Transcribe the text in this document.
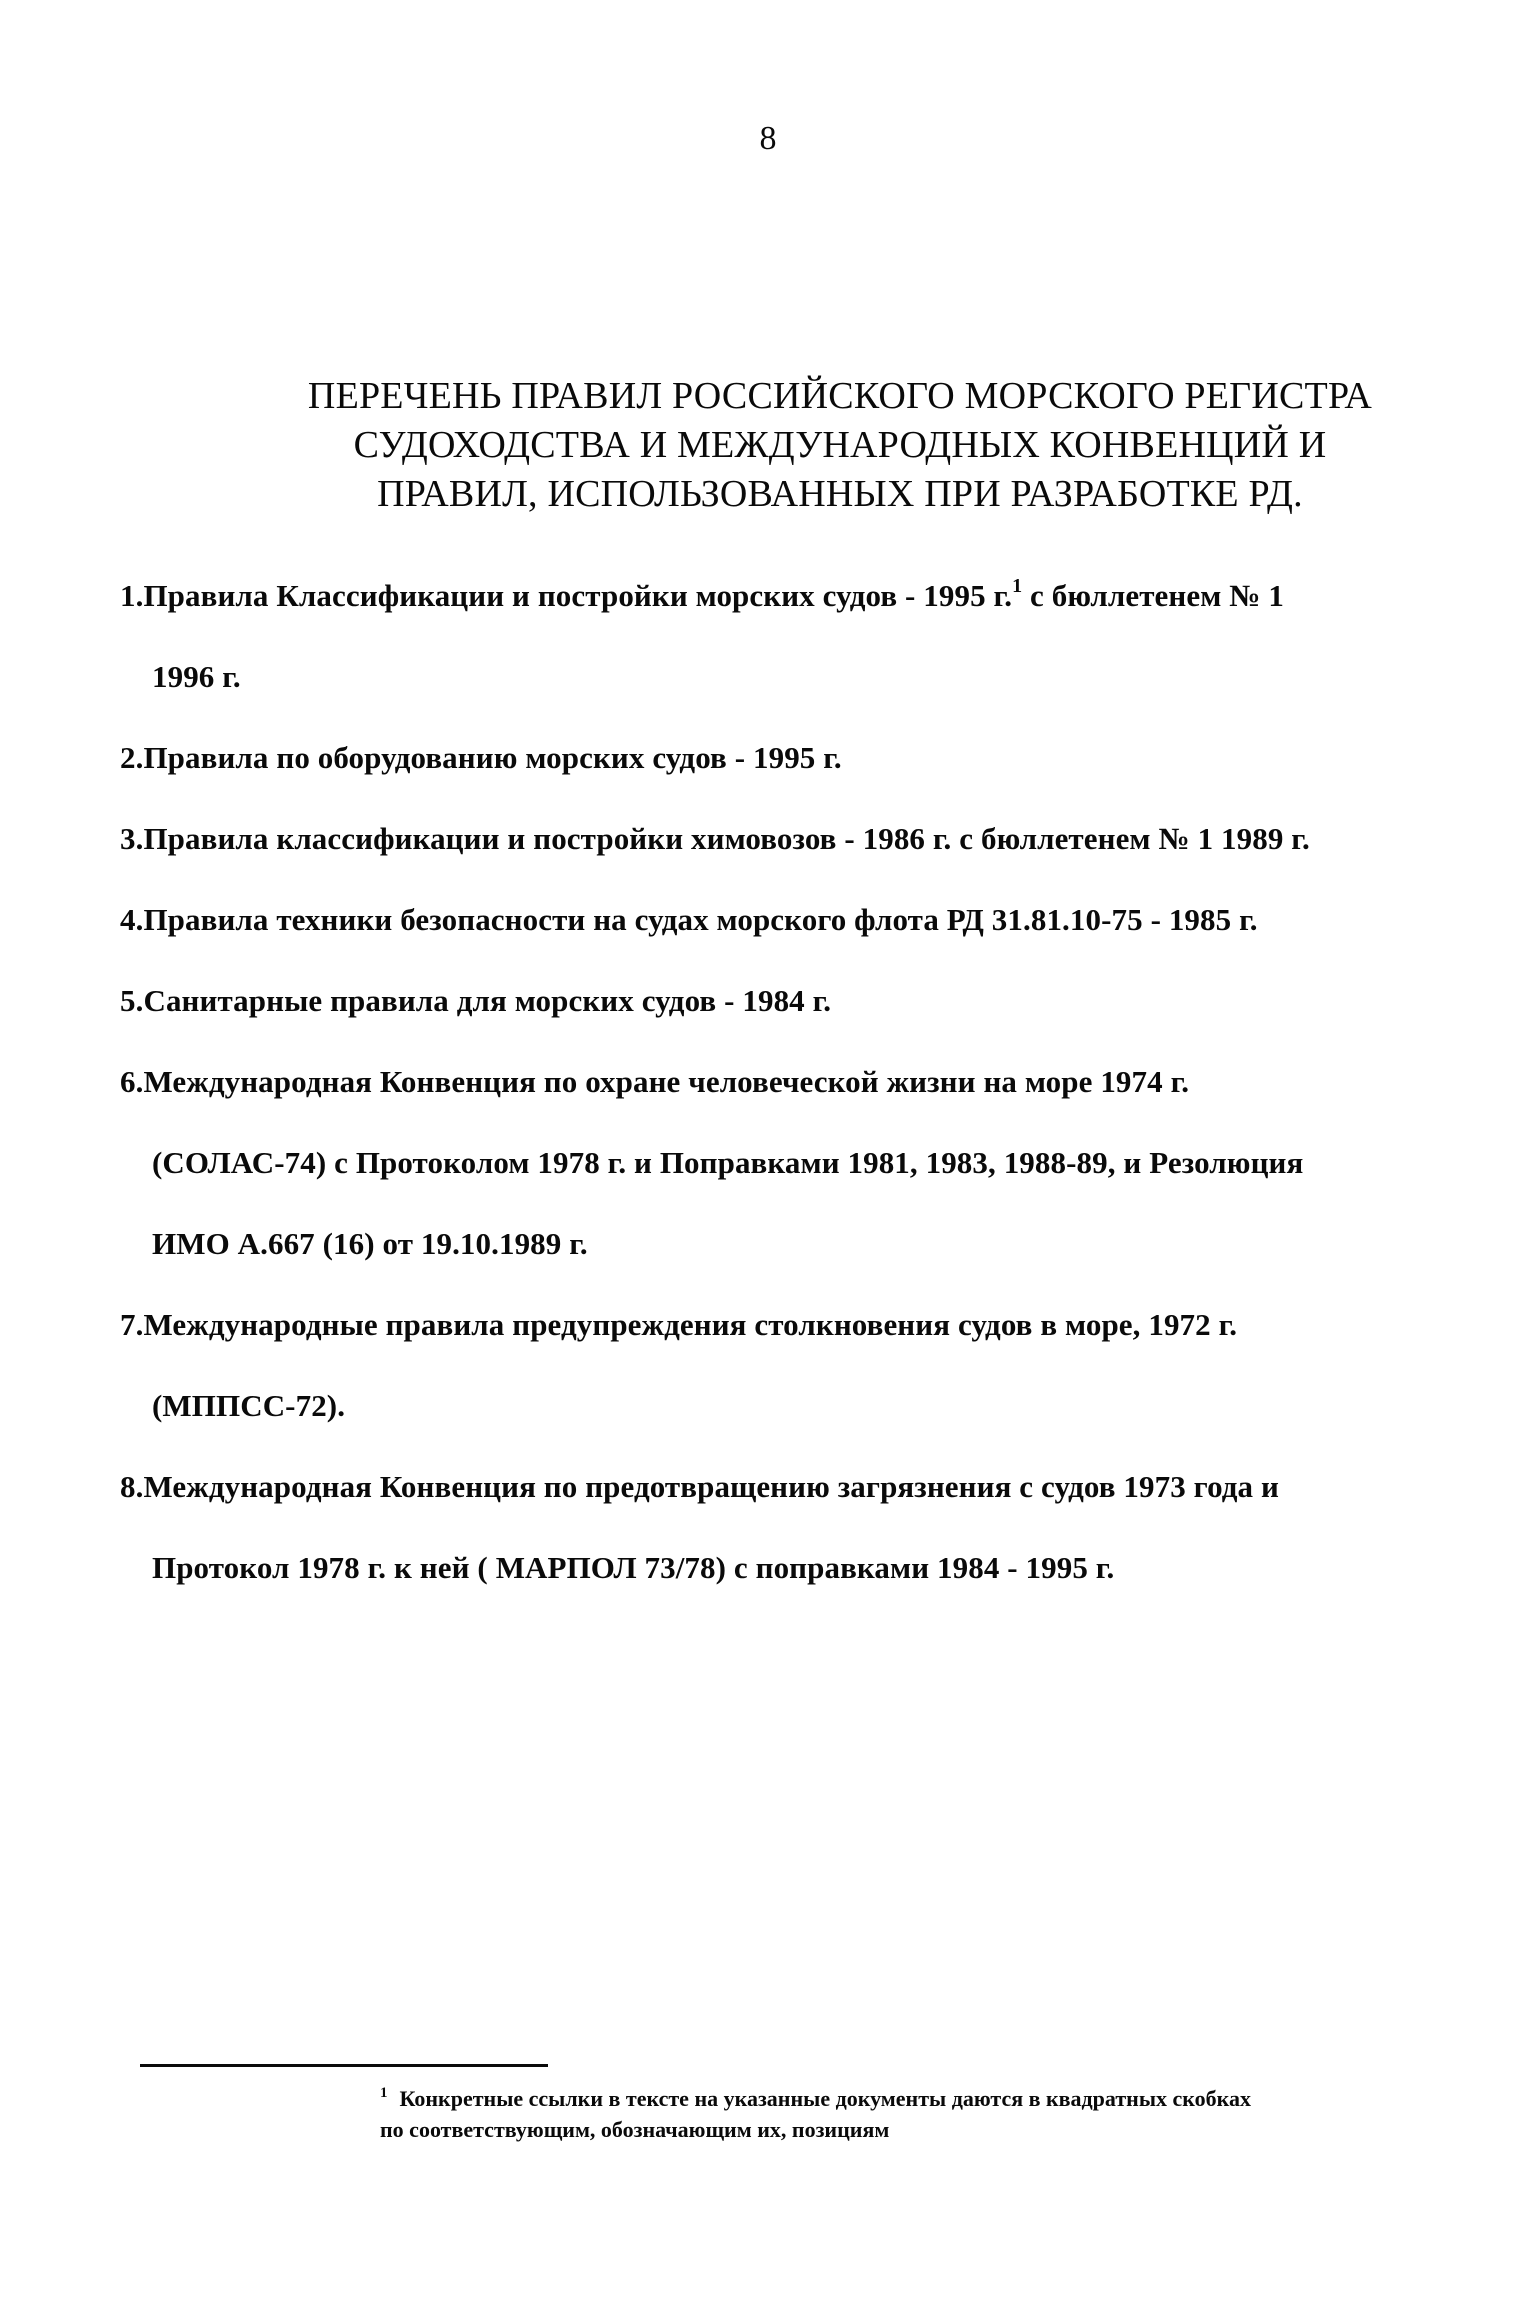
8
ПЕРЕЧЕНЬ ПРАВИЛ РОССИЙСКОГО МОРСКОГО РЕГИСТРА
СУДОХОДСТВА И МЕЖДУНАРОДНЫХ КОНВЕНЦИЙ И
ПРАВИЛ, ИСПОЛЬЗОВАННЫХ ПРИ РАЗРАБОТКЕ РД.
1.Правила Классификации и постройки морских судов - 1995 г.$^1$ с бюллетенем № 1
1996 г.
2.Правила по оборудованию морских судов - 1995 г.
3.Правила классификации и постройки химовозов - 1986 г. с бюллетенем № 1 1989 г.
4.Правила техники безопасности на судах морского флота РД 31.81.10-75 - 1985 г.
5.Санитарные правила для морских судов - 1984 г.
6.Международная Конвенция по охране человеческой жизни на море 1974 г.
(СОЛАС-74) с Протоколом 1978 г. и Поправками 1981, 1983, 1988-89, и Резолюция
ИМО А.667 (16) от 19.10.1989 г.
7.Международные правила предупреждения столкновения судов в море, 1972 г.
(МППСС-72).
8.Международная Конвенция по предотвращению загрязнения с судов 1973 года и
Протокол 1978 г. к ней ( МАРПОЛ 73/78) с поправками 1984 - 1995 г.
$^1$ Конкретные ссылки в тексте на указанные документы даются в квадратных скобках
по соответствующим, обозначающим их, позициям
